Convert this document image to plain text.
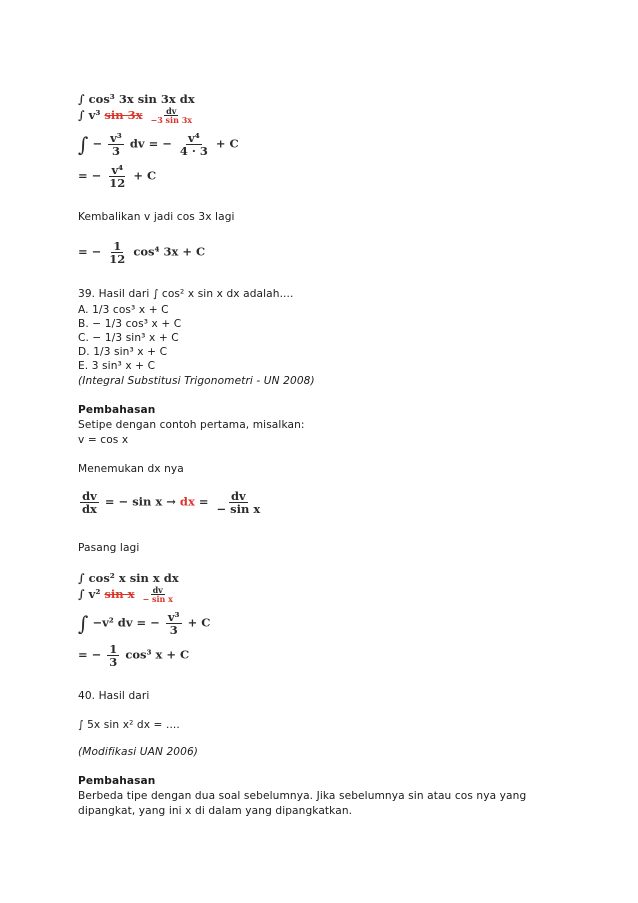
∫ cos³ 3x sin 3x dx
∫ v³ $\sin 3x \frac{dv}{-3 \sin 3x}$
∫ − $\frac{\text{v³}}{3}$ dv = − $\frac{\text{v⁴}}{4 \cdot 3} + C$
= − $\frac{\text{v⁴}}{12} + C$
Kembalikan v jadi cos 3x lagi
= − $\frac{1}{12} \cos^4$ 3x + C
39. Hasil dari ∫ cos² x sin x dx adalah....
A. 1/3 cos³ x + C
B. − 1/3 cos³ x + C
C. − 1/3 sin³ x + C
D. 1/3 sin³ x + C
E. 3 sin³ x + C
(Integral Substitusi Trigonometri - UN 2008)
Pembahasan
Setipe dengan contoh pertama, misalkan:
v = cos x
Menemukan dx nya
$\frac{dv}{dx}$ = − sin x → dx = $\frac{dv}{\text{− sin x}}$
Pasang lagi
∫ cos² x sin x dx
∫ v² sin x $\frac{dv}{\text{− sin x}}$
∫ −v² dv = − $\frac{\text{v³}}{3} + C$
= − $\frac{1}{3} \cos^3$ x + C
40. Hasil dari
∫ 5x sin x² dx = ....
(Modifikasi UAN 2006)
Pembahasan
Berbeda tipe dengan dua soal sebelumnya. Jika sebelumnya sin atau cos nya yang
dipangkat, yang ini x di dalam yang dipangkatkan.
